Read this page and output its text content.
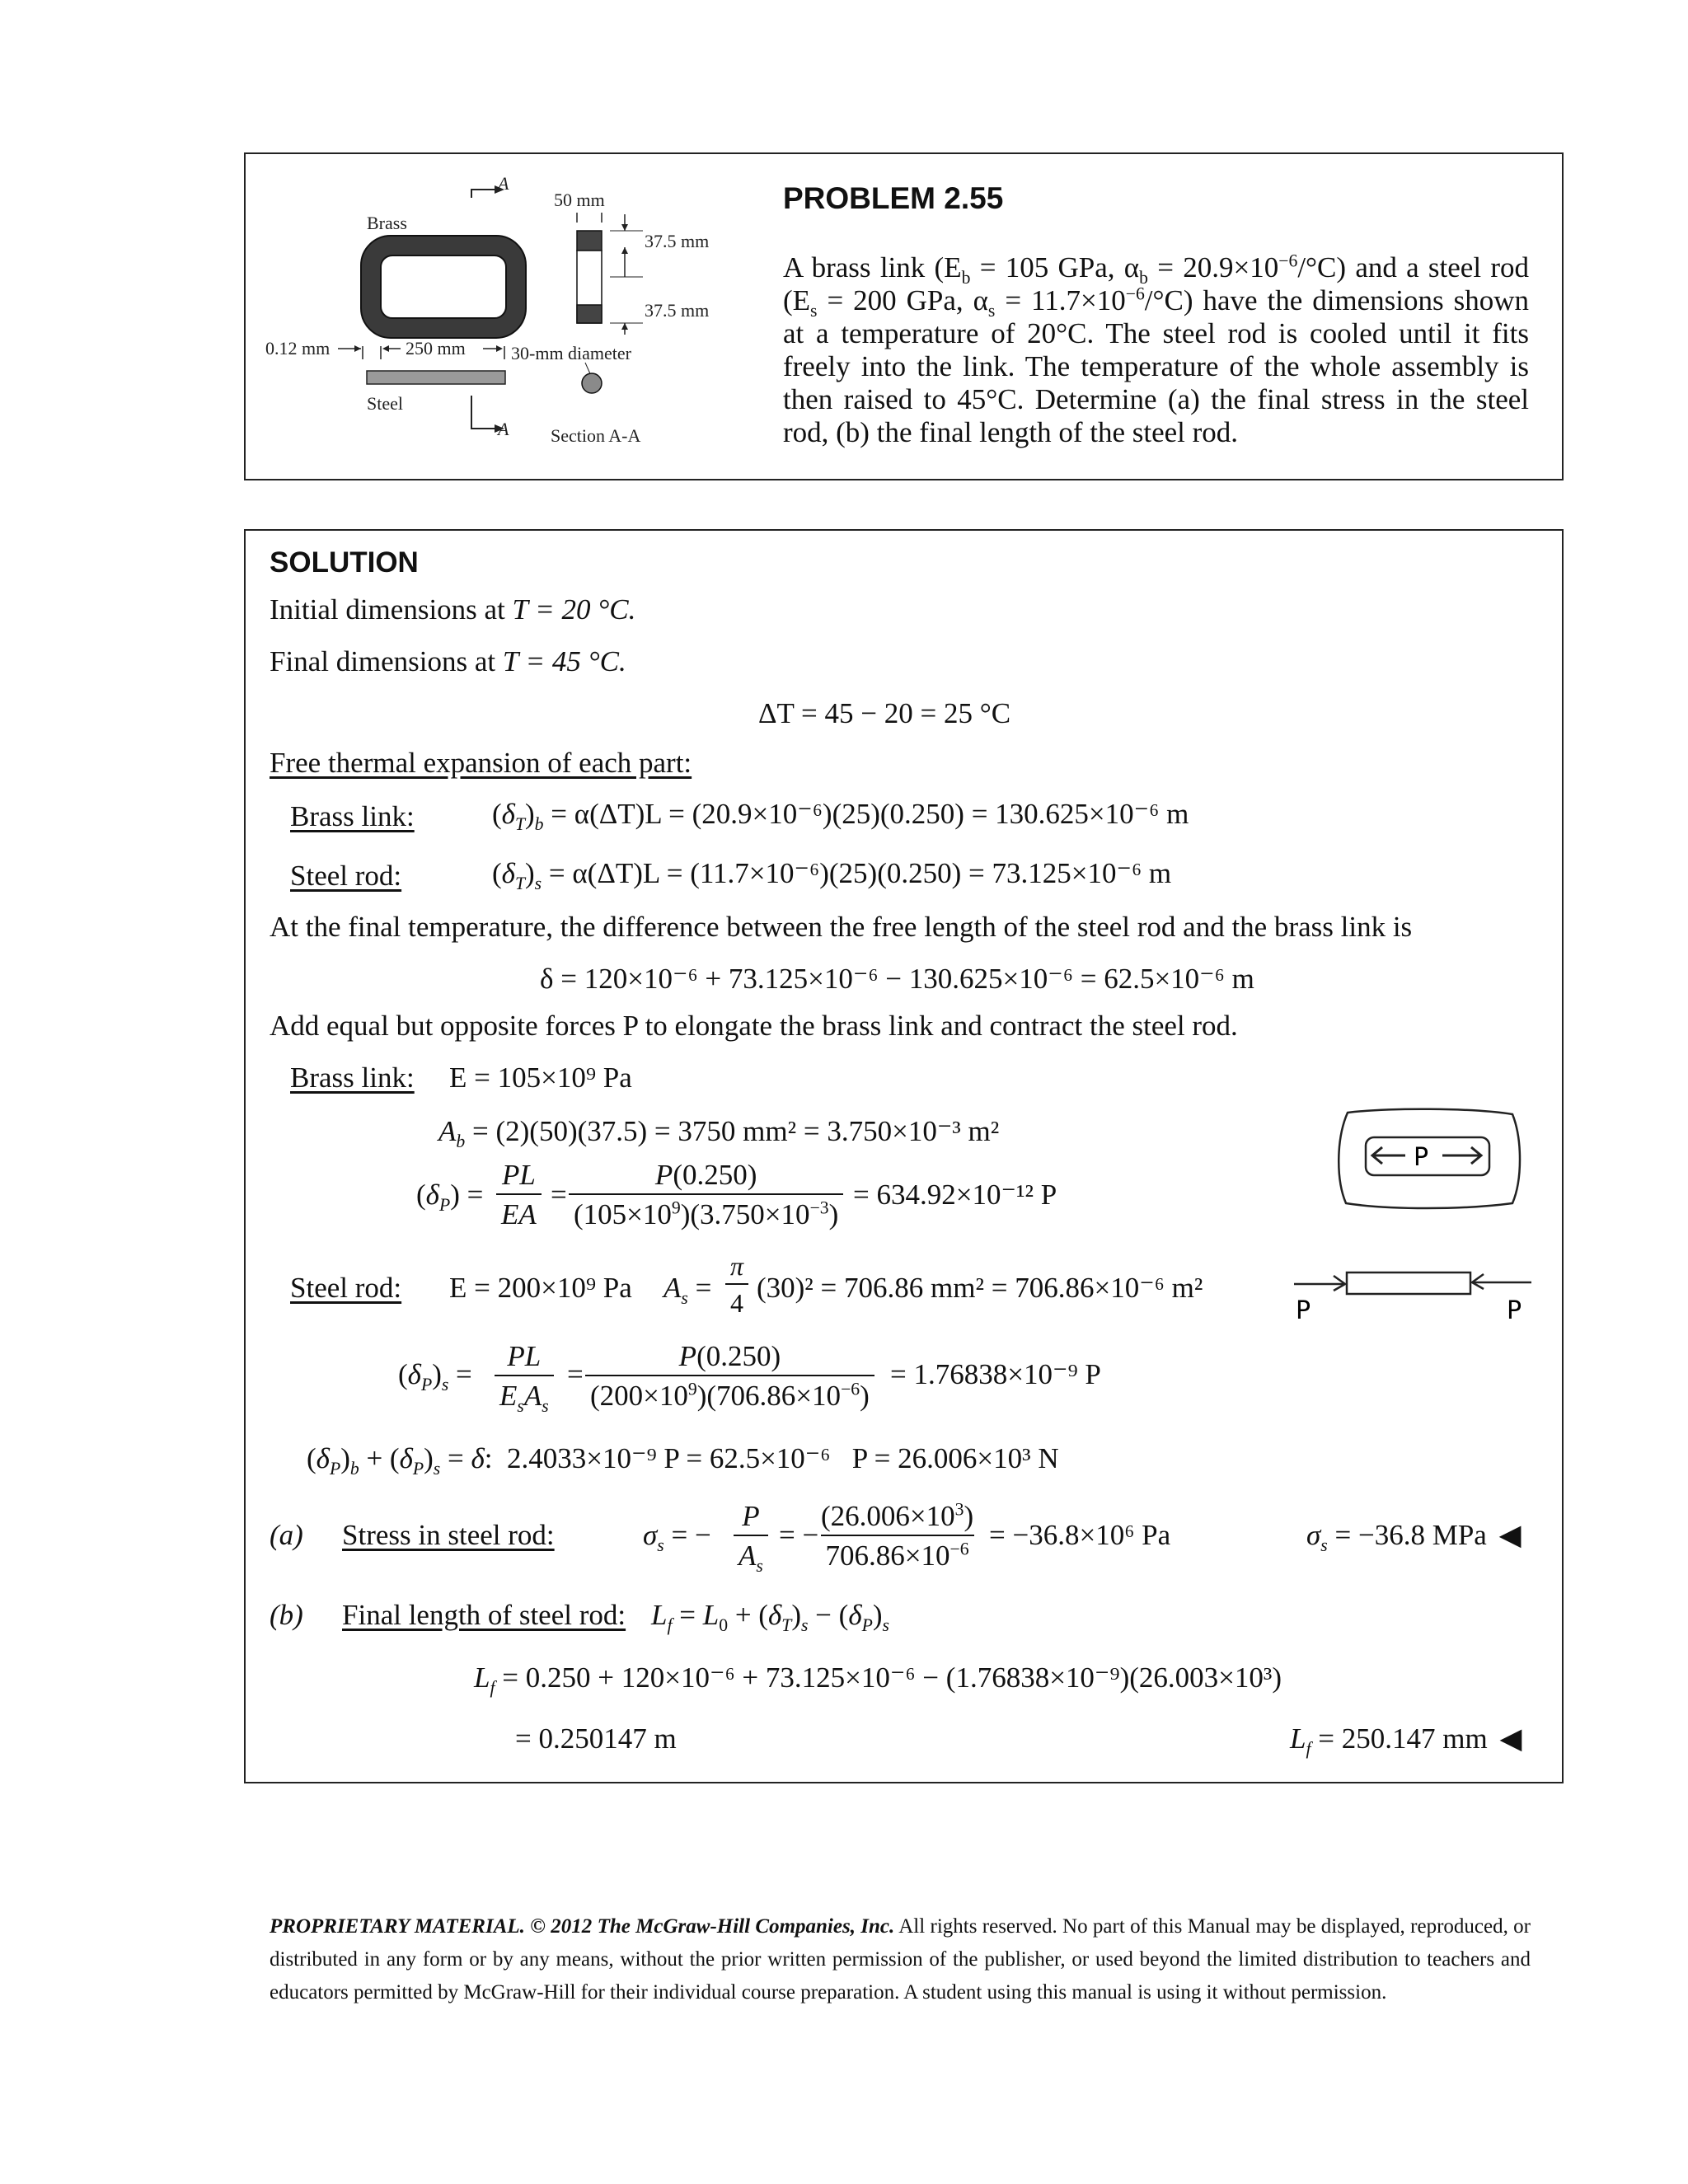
A
Brass
0.12 mm	250 mm
Steel
A
50 mm
37.5 mm
37.5 mm
30-mm diameter
Section A-A
PROBLEM 2.55
A brass link ($E_b = 105$ GPa, $\alpha_b = 20.9\times 10^{-6}/^\circ C$) and a steel rod
($E_s = 200$ GPa, $\alpha_s = 11.7\times 10^{-6}/^\circ C$) have the dimensions shown
at a temperature of 20°C. The steel rod is cooled until it fits
freely into the link. The temperature of the whole assembly is
then raised to 45°C. Determine (a) the final stress in the steel
rod, (b) the final length of the steel rod.
SOLUTION
Initial dimensions at T = 20 °C.
Final dimensions at T = 45 °C.
ΔT = 45 − 20 = 25 °C
Free thermal expansion of each part:
Brass link:	$(\delta_T)_b = \alpha(\Delta T)L = (20.9\times 10^{-6})(25)(0.250) = 130.625\times 10^{-6}$ m
Steel rod:	$(\delta_T)_s = \alpha(\Delta T)L = (11.7\times 10^{-6})(25)(0.250) = 73.125\times 10^{-6}$ m
At the final temperature, the difference between the free length of the steel rod and the brass link is
δ = 120×10⁻⁶ + 73.125×10⁻⁶ − 130.625×10⁻⁶ = 62.5×10⁻⁶ m
Add equal but opposite forces P to elongate the brass link and contract the steel rod.
Brass link: E = 105×10⁹ Pa
$A_b = (2)(50)(37.5) = 3750$ mm² = 3.750×10⁻³ m²
$(\delta_P)$ =
PL
EA
=
P(0.250)
$(105\times 10^9)(3.750\times 10^{-3})$
= 634.92×10⁻¹² P
Steel rod: E = 200×10⁹ Pa $A_s$ =
π
4 (30)² = 706.86 mm² = 706.86×10⁻⁶ m²
$(\delta_P)_s$ =
PL
$E_sA_s$
=
P(0.250)
$(200\times 10^9)(706.86\times 10^{-6})$
= 1.76838×10⁻⁹ P
$(\delta_P)_b + (\delta_P)_s = \delta$:  2.4033×10⁻⁹ P = 62.5×10⁻⁶ P = 26.006×10³ N
(a) Stress in steel rod:	$\sigma_s$ = −
P
$A_s$
= −
$(26.006\times 10^3)$
$706.86\times 10^{-6} = -36.8\times 10^6$ Pa	$\sigma_s = -36.8$ MPa ◀
(b) Final length of steel rod: $L_f = L_0 + (\delta_T)_s - (\delta_P)_s$
$L_f = 0.250 + 120\times 10^{-6} + 73.125\times 10^{-6} - (1.76838\times 10^{-9})(26.003\times 10^3)$
= 0.250147 m	$L_f = 250.147$ mm ◀
P
P	P
PROPRIETARY MATERIAL. © 2012 The McGraw-Hill Companies, Inc. All rights reserved. No part of this Manual may be displayed, reproduced, or distributed in any form or by any means, without the prior written permission of the publisher, or used beyond the limited distribution to teachers and educators permitted by McGraw-Hill for their individual course preparation. A student using this manual is using it without permission.
